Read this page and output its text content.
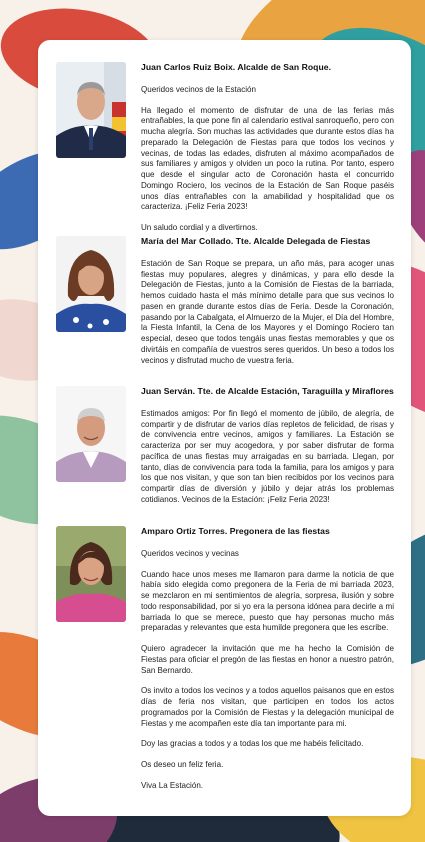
Juan Carlos Ruiz Boix. Alcalde de San Roque.
Queridos vecinos de la Estación
Ha llegado el momento de disfrutar de una de las ferias más entrañables, la que pone fin al calendario estival sanroqueño, pero con mucha alegría. Son muchas las actividades que durante estos días ha preparado la Delegación de Fiestas para que todos los vecinos y vecinas, de todas las edades, disfruten al máximo acompañados de sus familiares y amigos y olviden un poco la rutina. Por tanto, espero que desde el singular acto de Coronación hasta el concurrido Domingo Rociero, los vecinos de la Estación de San Roque paséis unos días entrañables con la amabilidad y hospitalidad que os caracteriza. ¡Feliz Feria 2023!
Un saludo cordial y a divertirnos.
María del Mar Collado. Tte. Alcalde Delegada de Fiestas
Estación de San Roque se prepara, un año más, para acoger unas fiestas muy populares, alegres y dinámicas, y para ello desde la Delegación de Fiestas, junto a la Comisión de Fiestas de la barriada, hemos cuidado hasta el más mínimo detalle para que sus vecinos lo pasen en grande durante estos días de Feria. Desde la Coronación, pasando por la Cabalgata, el Almuerzo de la Mujer, el Día del Hombre, la Fiesta Infantil, la Cena de los Mayores y el Domingo Rociero tan especial, deseo que todos tengáis unas fiestas memorables y que os divirtáis en compañía de vuestros seres queridos. Un beso a todos los vecinos y disfrutad mucho de vuestra feria.
Juan Serván. Tte. de Alcalde Estación, Taraguilla y Miraflores
Estimados amigos: Por fin llegó el momento de júbilo, de alegría, de compartir y de disfrutar de varios días repletos de felicidad, de risas y de convivencia entre vecinos, amigos y familiares. La Estación se caracteriza por ser muy acogedora, y por saber disfrutar de forma pacífica de unas fiestas muy arraigadas en su barriada. Llegan, por tanto, días de convivencia para toda la familia, para los amigos y para los que nos visitan, y que son tan bien recibidos por los vecinos para compartir días de diversión y júbilo y dejar atrás los problemas cotidianos. Vecinos de la Estación: ¡Feliz Feria 2023!
Amparo Ortiz Torres. Pregonera de las fiestas
Queridos vecinos y vecinas
Cuando hace unos meses me llamaron para darme la noticia de que había sido elegida como pregonera de la Feria de mi barriada 2023, se mezclaron en mi sentimientos de alegría, sorpresa, ilusión y sobre todo responsabilidad, por si yo era la persona idónea para decirle a mi barriada lo que se merece, puesto que hay personas mucho más preparadas y relevantes que esta humilde pregonera que les escribe.
Quiero agradecer la invitación que me ha hecho la Comisión de Fiestas para oficiar el pregón de las fiestas en honor a nuestro patrón, San Bernardo.
Os invito a todos los vecinos y a todos aquellos paisanos que en estos días de feria nos visitan, que participen en todos los actos programados por la Comisión de Fiestas y la delegación municipal de Fiestas y me acompañen este día tan importante para mi.
Doy las gracias a todos y a todas los que me habéis felicitado.
Os deseo un feliz feria.
Viva La Estación.
